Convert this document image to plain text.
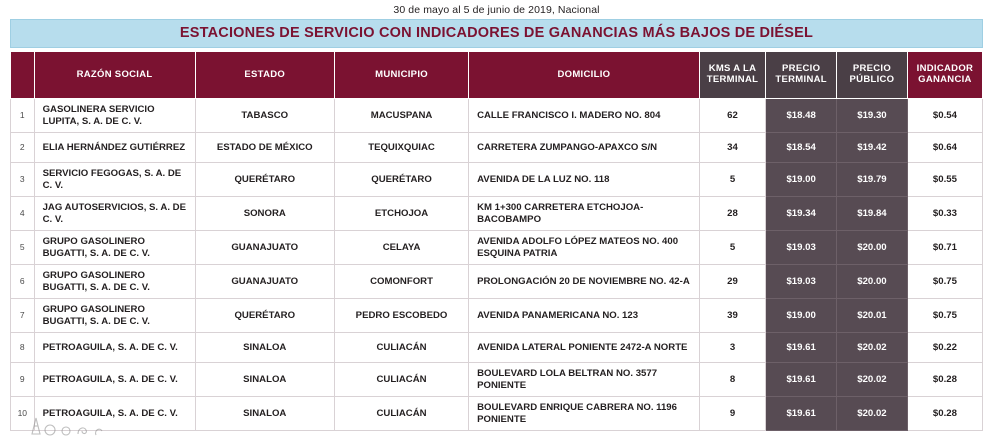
30 de mayo al 5 de junio de 2019, Nacional
ESTACIONES DE SERVICIO CON INDICADORES DE GANANCIAS MÁS BAJOS DE DIÉSEL
	RAZÓN SOCIAL	ESTADO	MUNICIPIO	DOMICILIO	KMS A LA TERMINAL	PRECIO TERMINAL	PRECIO PÚBLICO	INDICADOR GANANCIA
1	GASOLINERA SERVICIO LUPITA, S. A. DE C. V.	TABASCO	MACUSPANA	CALLE FRANCISCO I. MADERO NO. 804	62	$18.48	$19.30	$0.54
2	ELIA HERNÁNDEZ GUTIÉRREZ	ESTADO DE MÉXICO	TEQUIXQUIAC	CARRETERA ZUMPANGO-APAXCO S/N	34	$18.54	$19.42	$0.64
3	SERVICIO FEGOGAS, S. A. DE C. V.	QUERÉTARO	QUERÉTARO	AVENIDA DE LA LUZ NO. 118	5	$19.00	$19.79	$0.55
4	JAG AUTOSERVICIOS, S. A. DE C. V.	SONORA	ETCHOJOA	KM 1+300 CARRETERA ETCHOJOA-BACOBAMPO	28	$19.34	$19.84	$0.33
5	GRUPO GASOLINERO BUGATTI, S. A. DE C. V.	GUANAJUATO	CELAYA	AVENIDA ADOLFO LÓPEZ MATEOS NO. 400 ESQUINA PATRIA	5	$19.03	$20.00	$0.71
6	GRUPO GASOLINERO BUGATTI, S. A. DE C. V.	GUANAJUATO	COMONFORT	PROLONGACIÓN 20 DE NOVIEMBRE NO. 42-A	29	$19.03	$20.00	$0.75
7	GRUPO GASOLINERO BUGATTI, S. A. DE C. V.	QUERÉTARO	PEDRO ESCOBEDO	AVENIDA PANAMERICANA NO. 123	39	$19.00	$20.01	$0.75
8	PETROAGUILA, S. A. DE C. V.	SINALOA	CULIACÁN	AVENIDA LATERAL PONIENTE 2472-A NORTE	3	$19.61	$20.02	$0.22
9	PETROAGUILA, S. A. DE C. V.	SINALOA	CULIACÁN	BOULEVARD LOLA BELTRAN NO. 3577 PONIENTE	8	$19.61	$20.02	$0.28
10	PETROAGUILA, S. A. DE C. V.	SINALOA	CULIACÁN	BOULEVARD ENRIQUE CABRERA NO. 1196 PONIENTE	9	$19.61	$20.02	$0.28
